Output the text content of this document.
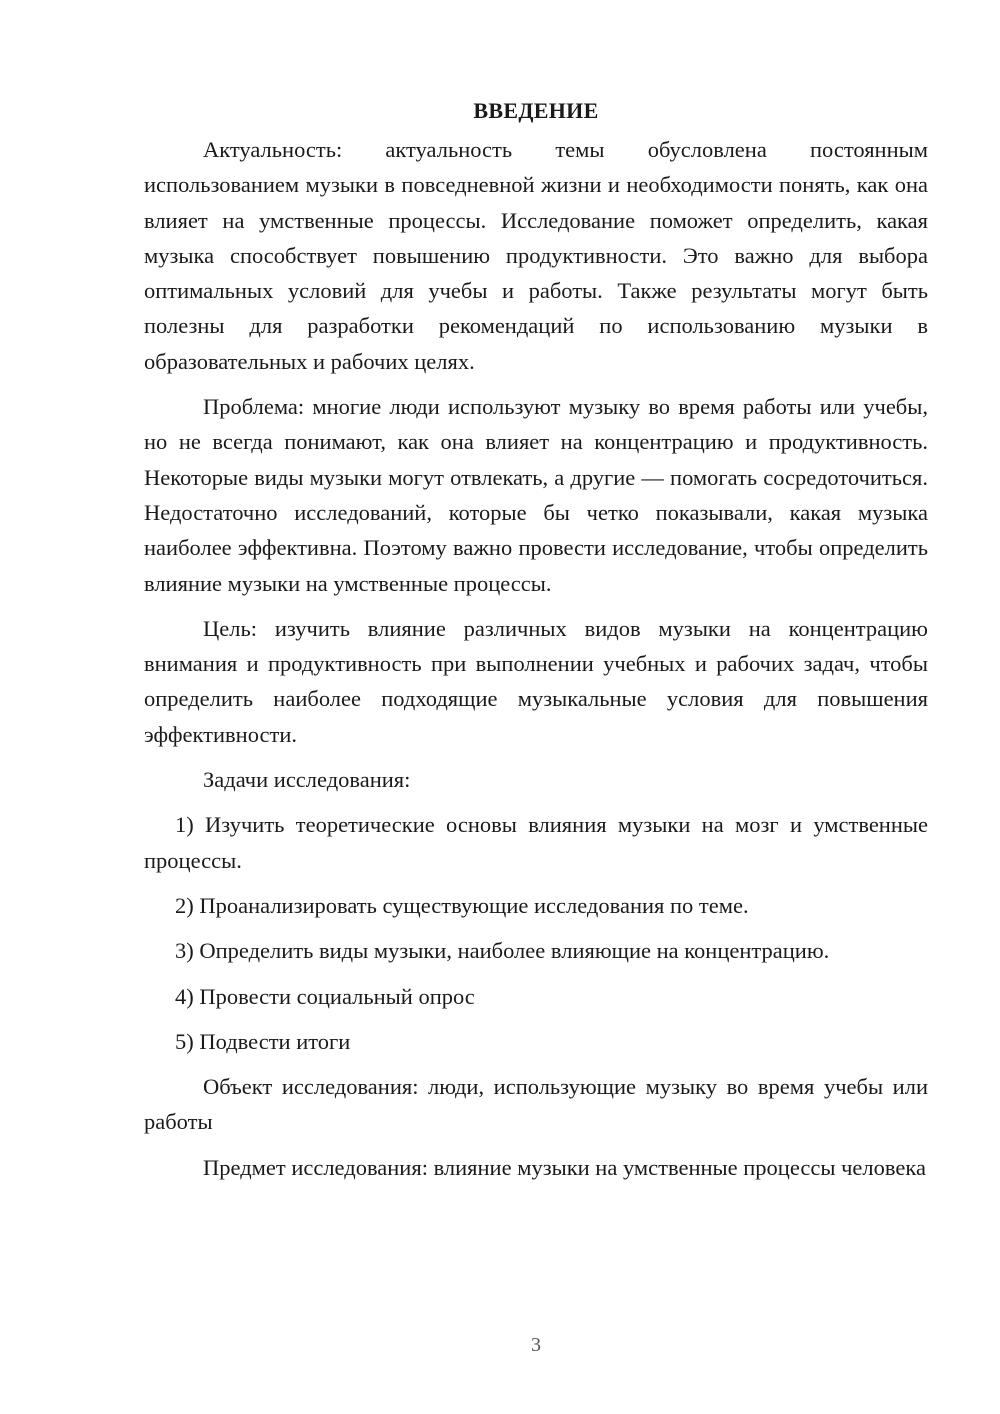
ВВЕДЕНИЕ

Актуальность: актуальность темы обусловлена постоянным использованием музыки в повседневной жизни и необходимости понять, как она влияет на умственные процессы. Исследование поможет определить, какая музыка способствует повышению продуктивности. Это важно для выбора оптимальных условий для учебы и работы. Также результаты могут быть полезны для разработки рекомендаций по использованию музыки в образовательных и рабочих целях.

Проблема: многие люди используют музыку во время работы или учебы, но не всегда понимают, как она влияет на концентрацию и продуктивность. Некоторые виды музыки могут отвлекать, а другие — помогать сосредоточиться. Недостаточно исследований, которые бы четко показывали, какая музыка наиболее эффективна. Поэтому важно провести исследование, чтобы определить влияние музыки на умственные процессы.

Цель: изучить влияние различных видов музыки на концентрацию внимания и продуктивность при выполнении учебных и рабочих задач, чтобы определить наиболее подходящие музыкальные условия для повышения эффективности.

Задачи исследования:

1) Изучить теоретические основы влияния музыки на мозг и умственные процессы.

2) Проанализировать существующие исследования по теме.

3) Определить виды музыки, наиболее влияющие на концентрацию.

4) Провести социальный опрос

5) Подвести итоги

Объект исследования: люди, использующие музыку во время учебы или работы

Предмет исследования: влияние музыки на умственные процессы человека

3
